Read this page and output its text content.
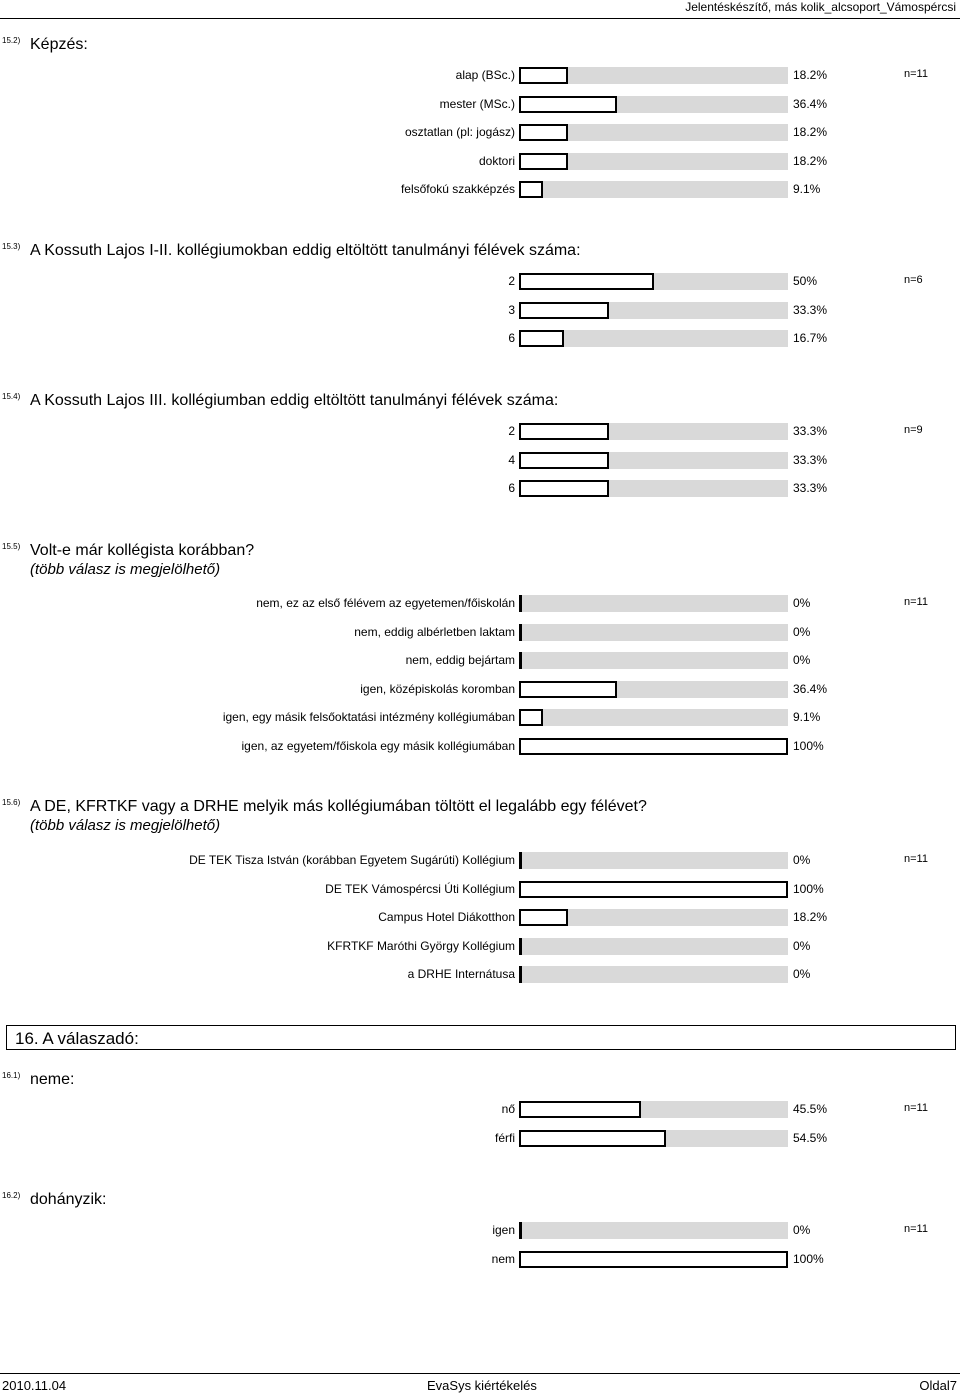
Jelentéskészítő, más kolik_alcsoport_Vámospércsi
15.2) Képzés:
alap (BSc.)	18.2%	n=11
mester (MSc.)	36.4%
osztatlan (pl: jogász)	18.2%
doktori	18.2%
felsőfokú szakképzés	9.1%
15.3) A Kossuth Lajos I-II. kollégiumokban eddig eltöltött tanulmányi félévek száma:
2	50%	n=6
3	33.3%
6	16.7%
15.4) A Kossuth Lajos III. kollégiumban eddig eltöltött tanulmányi félévek száma:
2	33.3%	n=9
4	33.3%
6	33.3%
15.5) Volt-e már kollégista korábban?
(több válasz is megjelölhető)
nem, ez az első félévem az egyetemen/főiskolán	0%	n=11
nem, eddig albérletben laktam	0%
nem, eddig bejártam	0%
igen, középiskolás koromban	36.4%
igen, egy másik felsőoktatási intézmény kollégiumában	9.1%
igen, az egyetem/főiskola egy másik kollégiumában	100%
15.6) A DE, KFRTKF vagy a DRHE melyik más kollégiumában töltött el legalább egy félévet?
(több válasz is megjelölhető)
DE TEK Tisza István (korábban Egyetem Sugárúti) Kollégium	0%	n=11
DE TEK Vámospércsi Úti Kollégium	100%
Campus Hotel Diákotthon	18.2%
KFRTKF Maróthi György Kollégium	0%
a DRHE Internátusa	0%
16.1) neme:
nő	45.5%	n=11
férfi	54.5%
16.2) dohányzik:
igen	0%	n=11
nem	100%
16. A válaszadó:
2010.11.04	EvaSys kiértékelés	Oldal7
